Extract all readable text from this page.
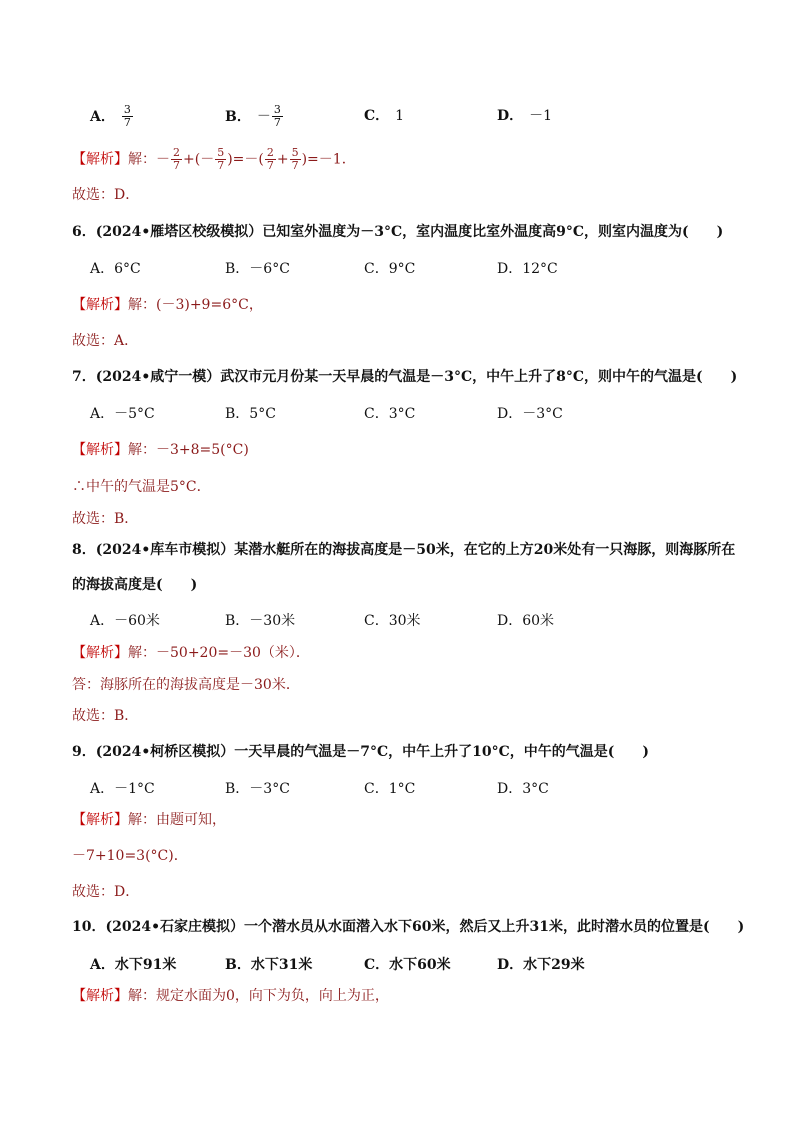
A． $\frac{3}{7}$	B． － $\frac{3}{7}$	C． 1	D． －1
【解析】解：－ $\frac{2}{7}$ +(－ $\frac{5}{7}$ )=－( $\frac{2}{7} + \frac{5}{7} )=-1$．
故选：D．
6．(2024•雁塔区校级模拟）已知室外温度为－3°C，室内温度比室外温度高9°C，则室内温度为(　　)
A．6°C	B．－6°C	C．9°C	D．12°C
【解析】解：(－3)+9=6°C，
故选：A．
7．(2024•咸宁一模）武汉市元月份某一天早晨的气温是－3°C，中午上升了8°C，则中午的气温是(　　)
A．－5°C	B．5°C	C．3°C	D．－3°C
【解析】解：－3+8=5(°C)
∴中午的气温是5°C．
故选：B．
8．(2024•库车市模拟）某潜水艇所在的海拔高度是－50米，在它的上方20米处有一只海豚，则海豚所在
的海拔高度是(　　)
A．－60米	B．－30米	C．30米	D．60米
【解析】解：－50+20=－30（米）．
答：海豚所在的海拔高度是－30米．
故选：B．
9．(2024•柯桥区模拟）一天早晨的气温是－7°C，中午上升了10°C，中午的气温是(　　)
A．－1°C	B．－3°C	C．1°C	D．3°C
【解析】解：由题可知，
－7+10=3(°C)．
故选：D．
10．(2024•石家庄模拟）一个潜水员从水面潜入水下60米，然后又上升31米，此时潜水员的位置是(　　)
A．水下91米	B．水下31米	C．水下60米	D．水下29米
【解析】解：规定水面为0，向下为负，向上为正，
